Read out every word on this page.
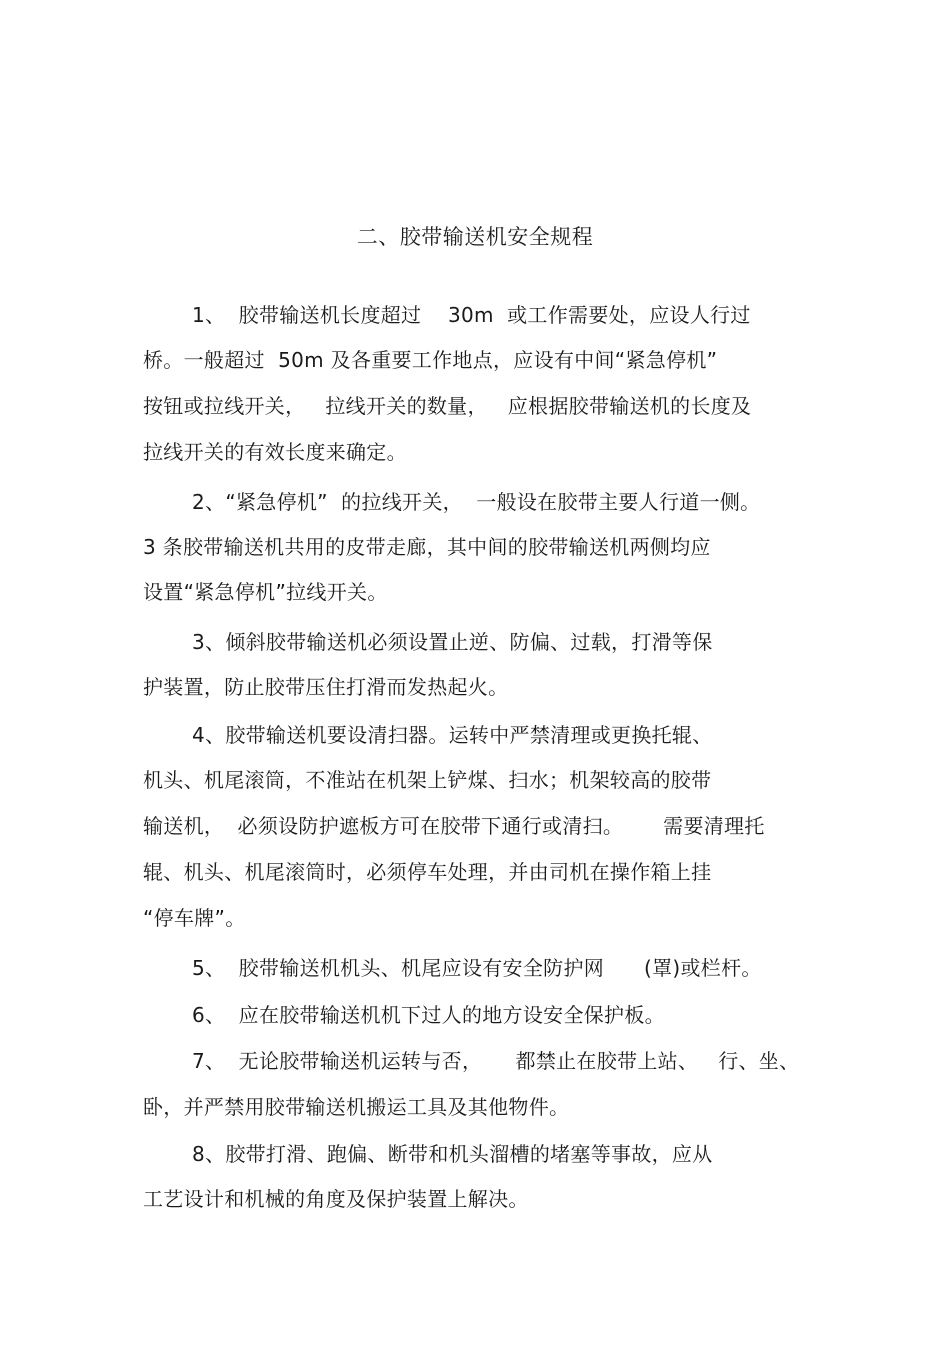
二、胶带输送机安全规程
1、  胶带输送机长度超过    30m  或工作需要处，应设人行过
桥。一般超过  50m 及各重要工作地点，应设有中间“紧急停机”
按钮或拉线开关，   拉线开关的数量，   应根据胶带输送机的长度及
拉线开关的有效长度来确定。
2、“紧急停机”  的拉线开关，  一般设在胶带主要人行道一侧。
3 条胶带输送机共用的皮带走廊，其中间的胶带输送机两侧均应
设置“紧急停机”拉线开关。
3、倾斜胶带输送机必须设置止逆、防偏、过载，打滑等保
护装置，防止胶带压住打滑而发热起火。
4、胶带输送机要设清扫器。运转中严禁清理或更换托辊、
机头、机尾滚筒，不准站在机架上铲煤、扫水；机架较高的胶带
输送机，  必须设防护遮板方可在胶带下通行或清扫。      需要清理托
辊、机头、机尾滚筒时，必须停车处理，并由司机在操作箱上挂
“停车牌”。
5、  胶带输送机机头、机尾应设有安全防护网      (罩)或栏杆。
6、  应在胶带输送机机下过人的地方设安全保护板。
7、  无论胶带输送机运转与否，     都禁止在胶带上站、   行、坐、
卧，并严禁用胶带输送机搬运工具及其他物件。
8、胶带打滑、跑偏、断带和机头溜槽的堵塞等事故，应从
工艺设计和机械的角度及保护装置上解决。
